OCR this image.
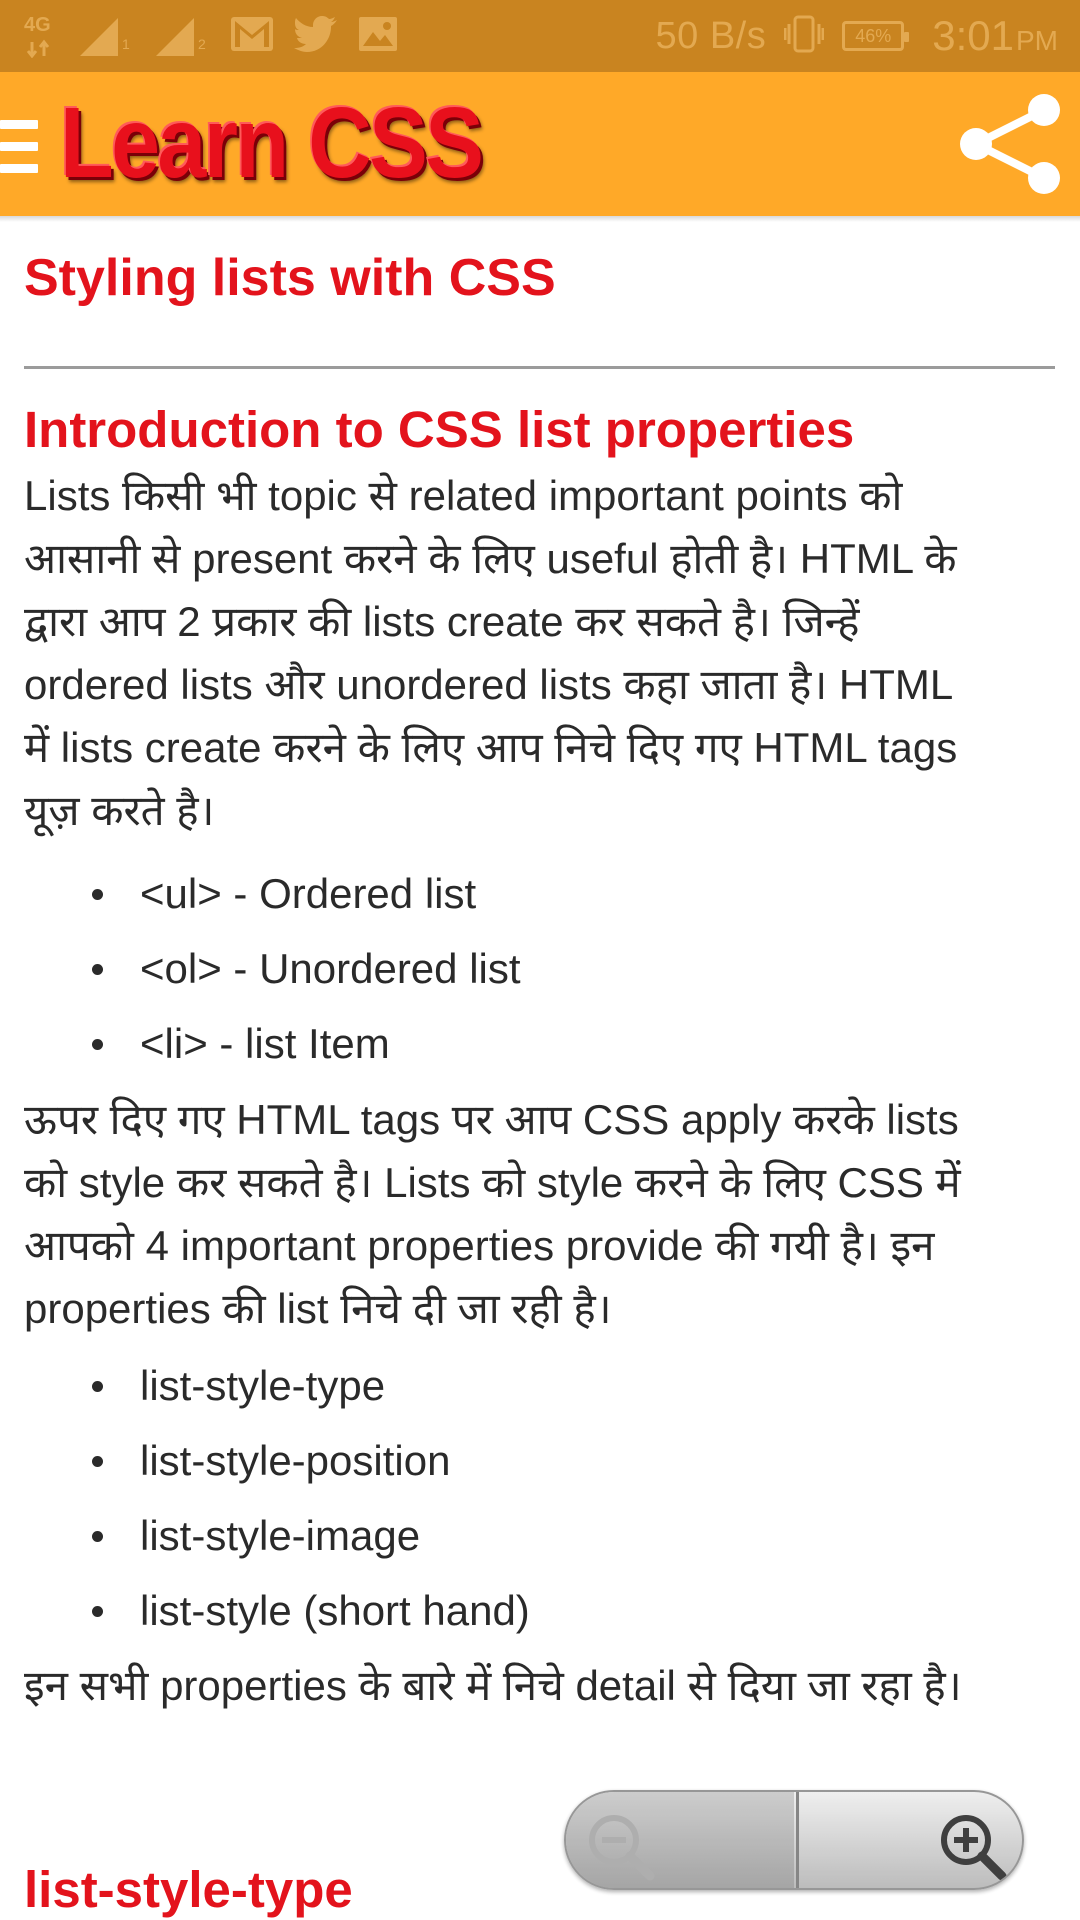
4G
1	2	50 B/s	46% 3:01 PM
Learn CSS
Styling lists with CSS
Introduction to CSS list properties
Lists किसी भी topic से related important points को
आसानी से present करने के लिए useful होती है। HTML के
द्वारा आप 2 प्रकार की lists create कर सकते है। जिन्हें
ordered lists और unordered lists कहा जाता है। HTML
में lists create करने के लिए आप निचे दिए गए HTML tags
यूज़ करते है।
<ul> - Ordered list
<ol> - Unordered list
<li> - list Item
ऊपर दिए गए HTML tags पर आप CSS apply करके lists
को style कर सकते है। Lists को style करने के लिए CSS में
आपको 4 important properties provide की गयी है। इन
properties की list निचे दी जा रही है।
list-style-type
list-style-position
list-style-image
list-style (short hand)
इन सभी properties के बारे में निचे detail से दिया जा रहा है।
list-style-type
